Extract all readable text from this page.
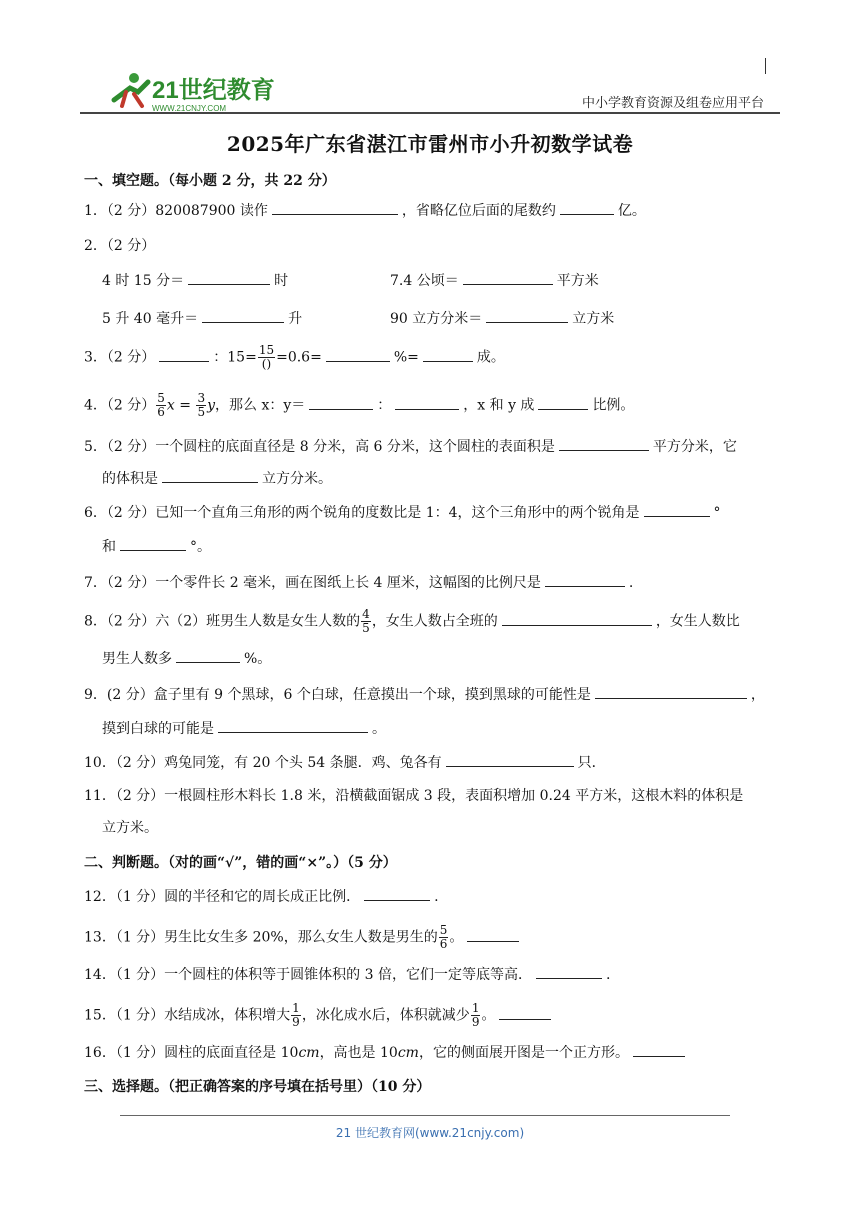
21世纪教育
WWW.21CNJY.COM	中小学教育资源及组卷应用平台
2025年广东省湛江市雷州市小升初数学试卷
一、填空题。（每小题 2 分，共 22 分）
1．（2 分）820087900 读作	，省略亿位后面的尾数约	亿。
2．（2 分）
4 时 15 分＝	时	7.4 公顷＝	平方米
5 升 40 毫升＝	升	90 立方分米＝	立方米
3．（2 分）	：$15= \frac{15}{()} =0.6=$	%=	成。
4．（2 分） $\frac{5}{6}$ $x = \frac{3}{5}$ y，那么 x：y＝	：	，x 和 y 成	比例。
5．（2 分）一个圆柱的底面直径是 8 分米，高 6 分米，这个圆柱的表面积是	平方分米，它
的体积是	立方分米。
6．（2 分）已知一个直角三角形的两个锐角的度数比是 1：4，这个三角形中的两个锐角是	°
和	°。
7．（2 分）一个零件长 2 毫米，画在图纸上长 4 厘米，这幅图的比例尺是	.
8．（2 分）六（2）班男生人数是女生人数的 $\frac{4}{5}$ ，女生人数占全班的	，女生人数比
男生人数多	%。
9．(2 分）盒子里有 9 个黑球，6 个白球，任意摸出一个球，摸到黑球的可能性是	，
摸到白球的可能是	。
10．（2 分）鸡兔同笼，有 20 个头 54 条腿．鸡、兔各有	只．
11．（2 分）一根圆柱形木料长 1.8 米，沿横截面锯成 3 段，表面积增加 0.24 平方米，这根木料的体积是
立方米。
二、判断题。（对的画“√”，错的画“×”。）（5 分）
12．（1 分）圆的半径和它的周长成正比例．	.
13．（1 分）男生比女生多 20%，那么女生人数是男生的 $\frac{5}{6}$ 。
14．（1 分）一个圆柱的体积等于圆锥体积的 3 倍，它们一定等底等高．	.
15．（1 分）水结成冰，体积增大 $\frac{1}{9}$ ，冰化成水后，体积就减少 $\frac{1}{9}$ 。
16．（1 分）圆柱的底面直径是 10cm，高也是 10cm，它的侧面展开图是一个正方形。
三、选择题。（把正确答案的序号填在括号里）（10 分）
21 世纪教育网(www.21cnjy.com)
